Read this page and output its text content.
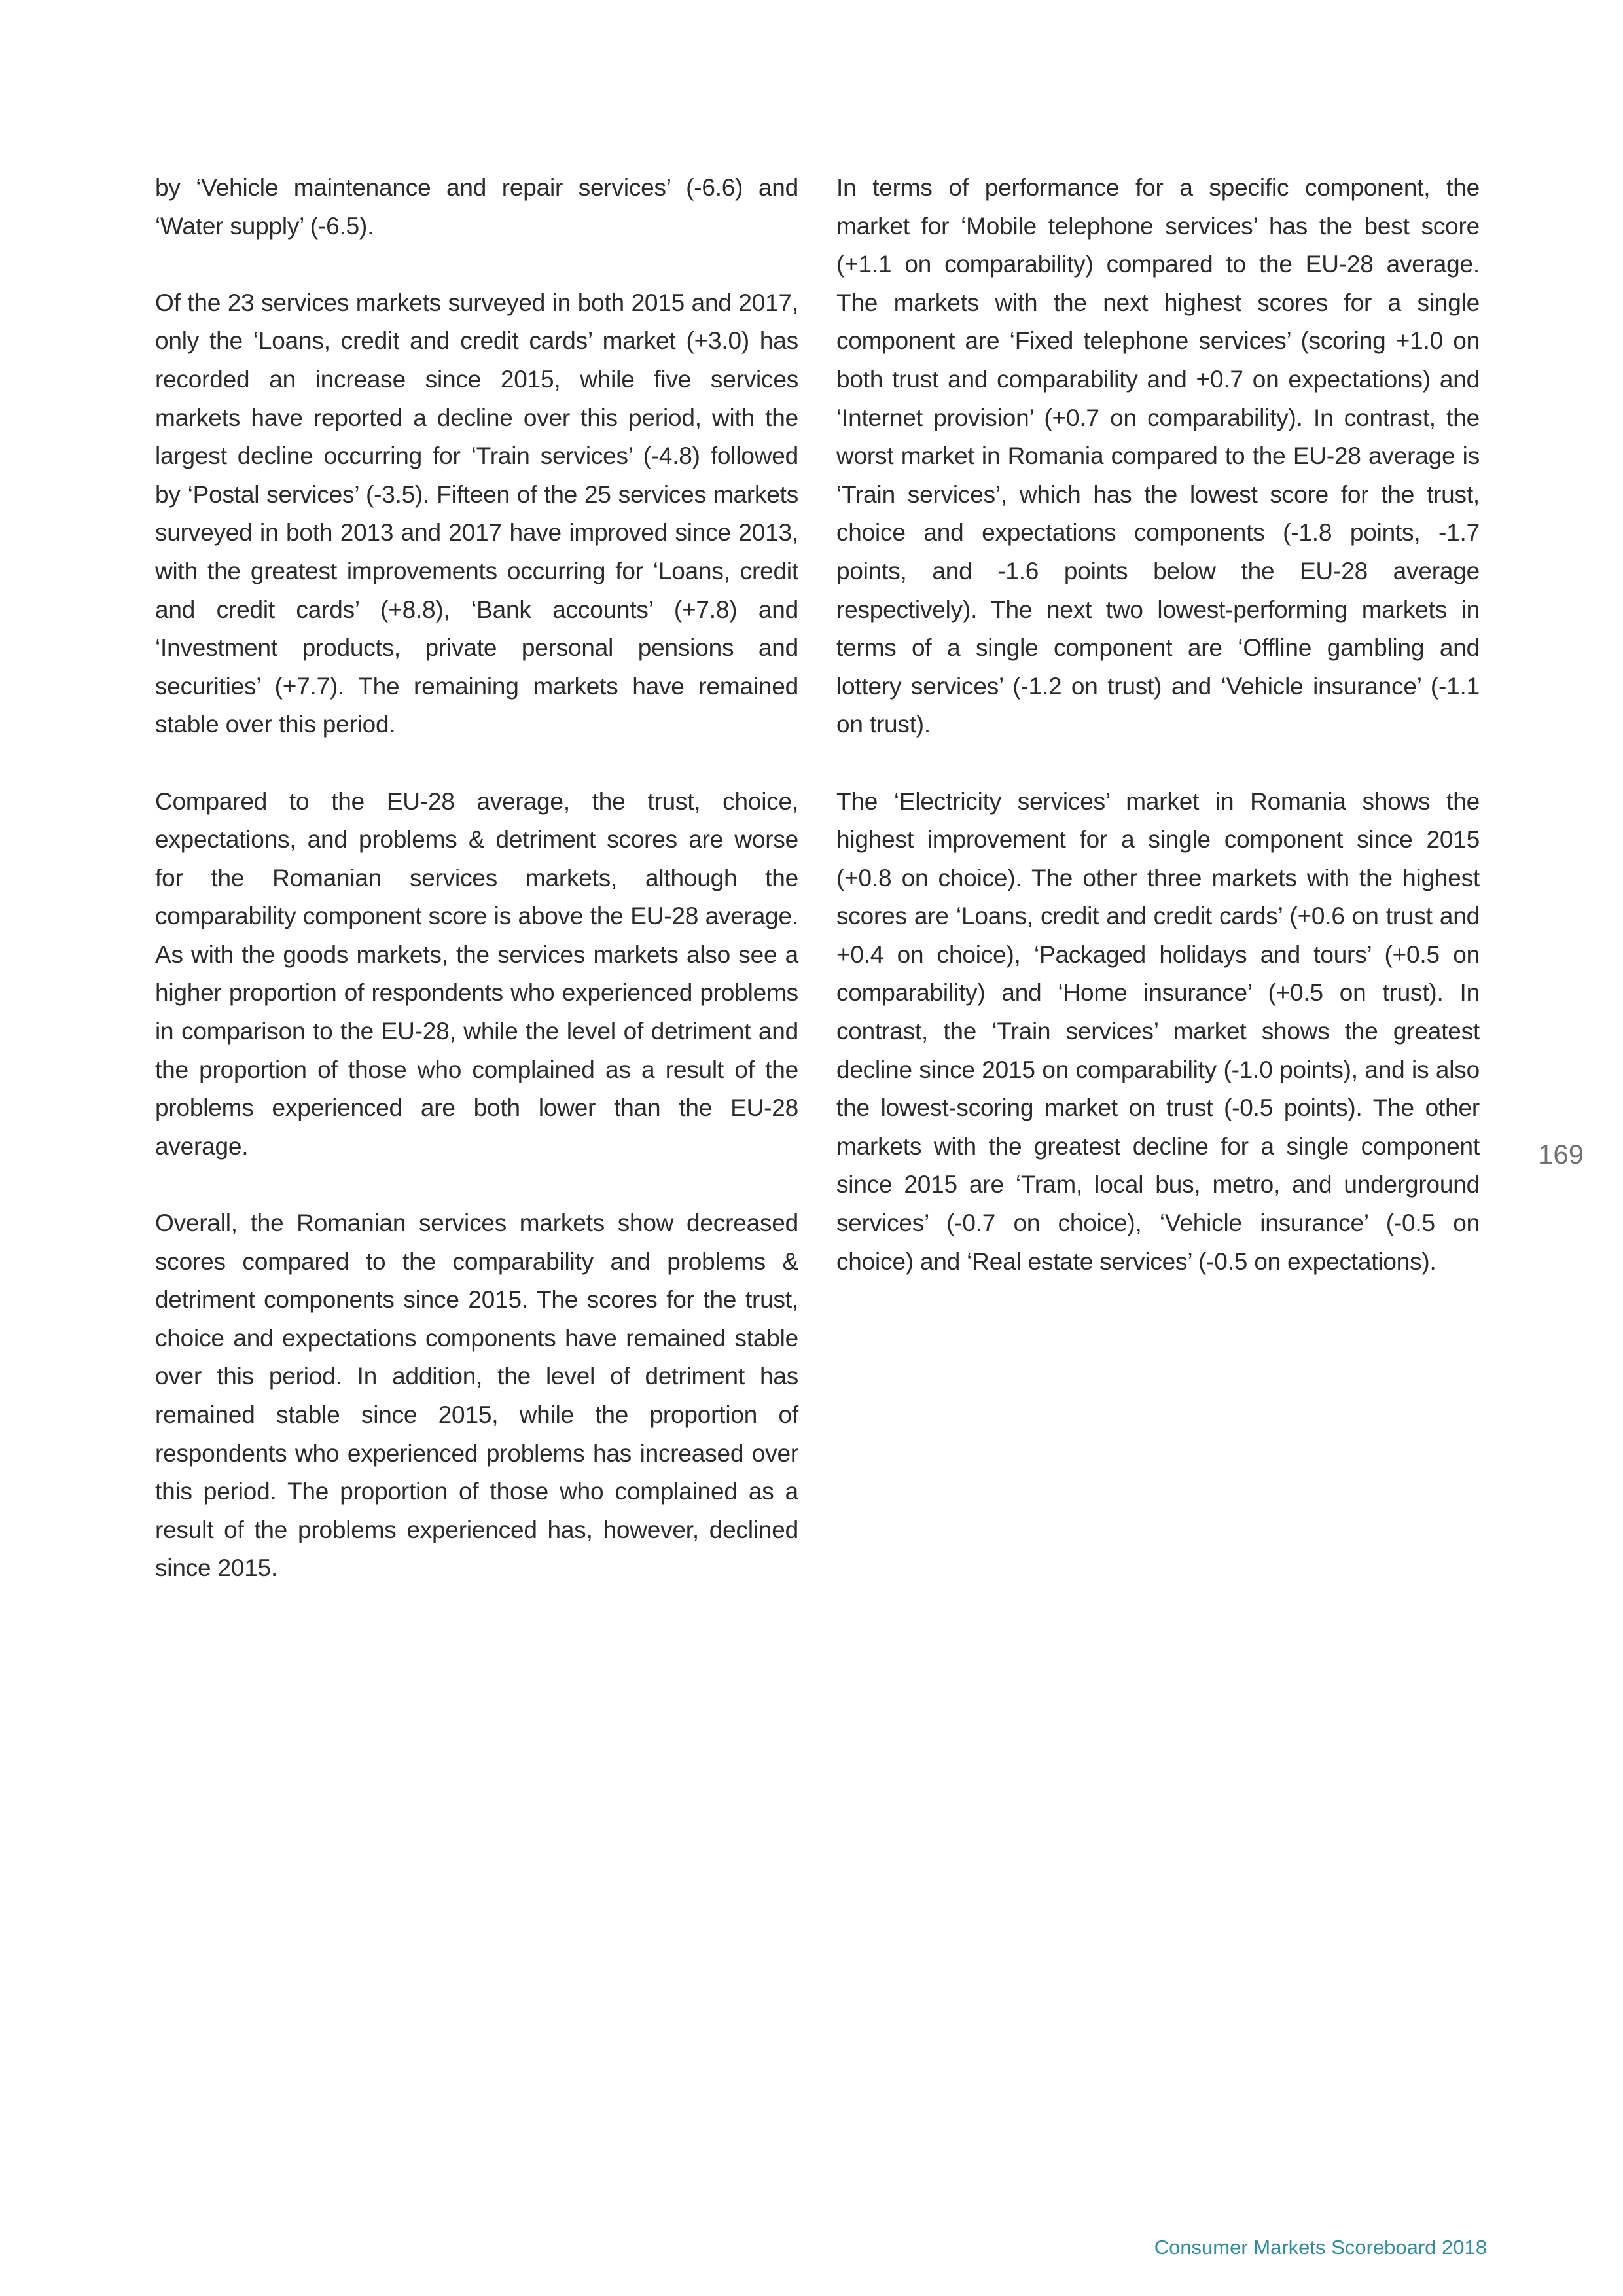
by ‘Vehicle maintenance and repair services’ (-6.6) and ‘Water supply’ (-6.5).

Of the 23 services markets surveyed in both 2015 and 2017, only the ‘Loans, credit and credit cards’ market (+3.0) has recorded an increase since 2015, while five services markets have reported a decline over this period, with the largest decline occurring for ‘Train services’ (-4.8) followed by ‘Postal services’ (-3.5). Fifteen of the 25 services markets surveyed in both 2013 and 2017 have improved since 2013, with the greatest improvements occurring for ‘Loans, credit and credit cards’ (+8.8), ‘Bank accounts’ (+7.8) and ‘Investment products, private personal pensions and securities’ (+7.7). The remaining markets have remained stable over this period.

Compared to the EU-28 average, the trust, choice, expectations, and problems & detriment scores are worse for the Romanian services markets, although the comparability component score is above the EU-28 average. As with the goods markets, the services markets also see a higher proportion of respondents who experienced problems in comparison to the EU-28, while the level of detriment and the proportion of those who complained as a result of the problems experienced are both lower than the EU-28 average.

Overall, the Romanian services markets show decreased scores compared to the comparability and problems & detriment components since 2015. The scores for the trust, choice and expectations components have remained stable over this period. In addition, the level of detriment has remained stable since 2015, while the proportion of respondents who experienced problems has increased over this period. The proportion of those who complained as a result of the problems experienced has, however, declined since 2015.

In terms of performance for a specific component, the market for ‘Mobile telephone services’ has the best score (+1.1 on comparability) compared to the EU-28 average. The markets with the next highest scores for a single component are ‘Fixed telephone services’ (scoring +1.0 on both trust and comparability and +0.7 on expectations) and ‘Internet provision’ (+0.7 on comparability). In contrast, the worst market in Romania compared to the EU-28 average is ‘Train services’, which has the lowest score for the trust, choice and expectations components (-1.8 points, -1.7 points, and -1.6 points below the EU-28 average respectively). The next two lowest-performing markets in terms of a single component are ‘Offline gambling and lottery services’ (-1.2 on trust) and ‘Vehicle insurance’ (-1.1 on trust).

The ‘Electricity services’ market in Romania shows the highest improvement for a single component since 2015 (+0.8 on choice). The other three markets with the highest scores are ‘Loans, credit and credit cards’ (+0.6 on trust and +0.4 on choice), ‘Packaged holidays and tours’ (+0.5 on comparability) and ‘Home insurance’ (+0.5 on trust). In contrast, the ‘Train services’ market shows the greatest decline since 2015 on comparability (-1.0 points), and is also the lowest-scoring market on trust (-0.5 points). The other markets with the greatest decline for a single component since 2015 are ‘Tram, local bus, metro, and underground services’ (-0.7 on choice), ‘Vehicle insurance’ (-0.5 on choice) and ‘Real estate services’ (-0.5 on expectations).

169
Consumer Markets Scoreboard 2018
